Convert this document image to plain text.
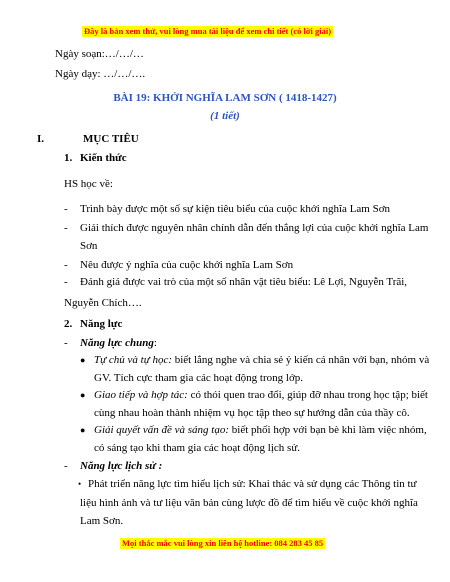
Đây là bản xem thử, vui lòng mua tài liệu để xem chi tiết (có lời giải)
Ngày soạn:…/…/…
Ngày dạy: …/…/….
BÀI 19: KHỞI NGHĨA LAM SƠN ( 1418-1427)
(1 tiết)
I.	MỤC TIÊU
1. Kiến thức
HS học về:
- Trình bày được một số sự kiện tiêu biểu của cuộc khởi nghĩa Lam Sơn
- Giải thích được nguyên nhân chính dẫn đến thắng lợi của cuộc khởi nghĩa Lam
Sơn
- Nêu được ý nghĩa của cuộc khởi nghĩa Lam Sơn
- Đánh giá được vai trò của một số nhân vật tiêu biểu: Lê Lợi, Nguyễn Trãi,
Nguyễn Chích….
2. Năng lực
- Năng lực chung:
● Tự chủ và tự học: biết lắng nghe và chia sẻ ý kiến cá nhân với bạn, nhóm và
GV. Tích cực tham gia các hoạt động trong lớp.
● Giao tiếp và hợp tác: có thói quen trao đổi, giúp đỡ nhau trong học tập; biết
cùng nhau hoàn thành nhiệm vụ học tập theo sự hướng dẫn của thầy cô.
● Giải quyết vấn đề và sáng tạo: biết phối hợp với bạn bè khi làm việc nhóm,
có sáng tạo khi tham gia các hoạt động lịch sử.
- Năng lực lịch sử :
• Phát triển năng lực tìm hiểu lịch sử: Khai thác và sử dụng các Thông tin tư
liệu hình ảnh và tư liệu văn bản cùng lược đồ để tìm hiểu về cuộc khởi nghĩa
Lam Sơn.
Mọi thắc mắc vui lòng xin liên hệ hotline: 084 283 45 85
